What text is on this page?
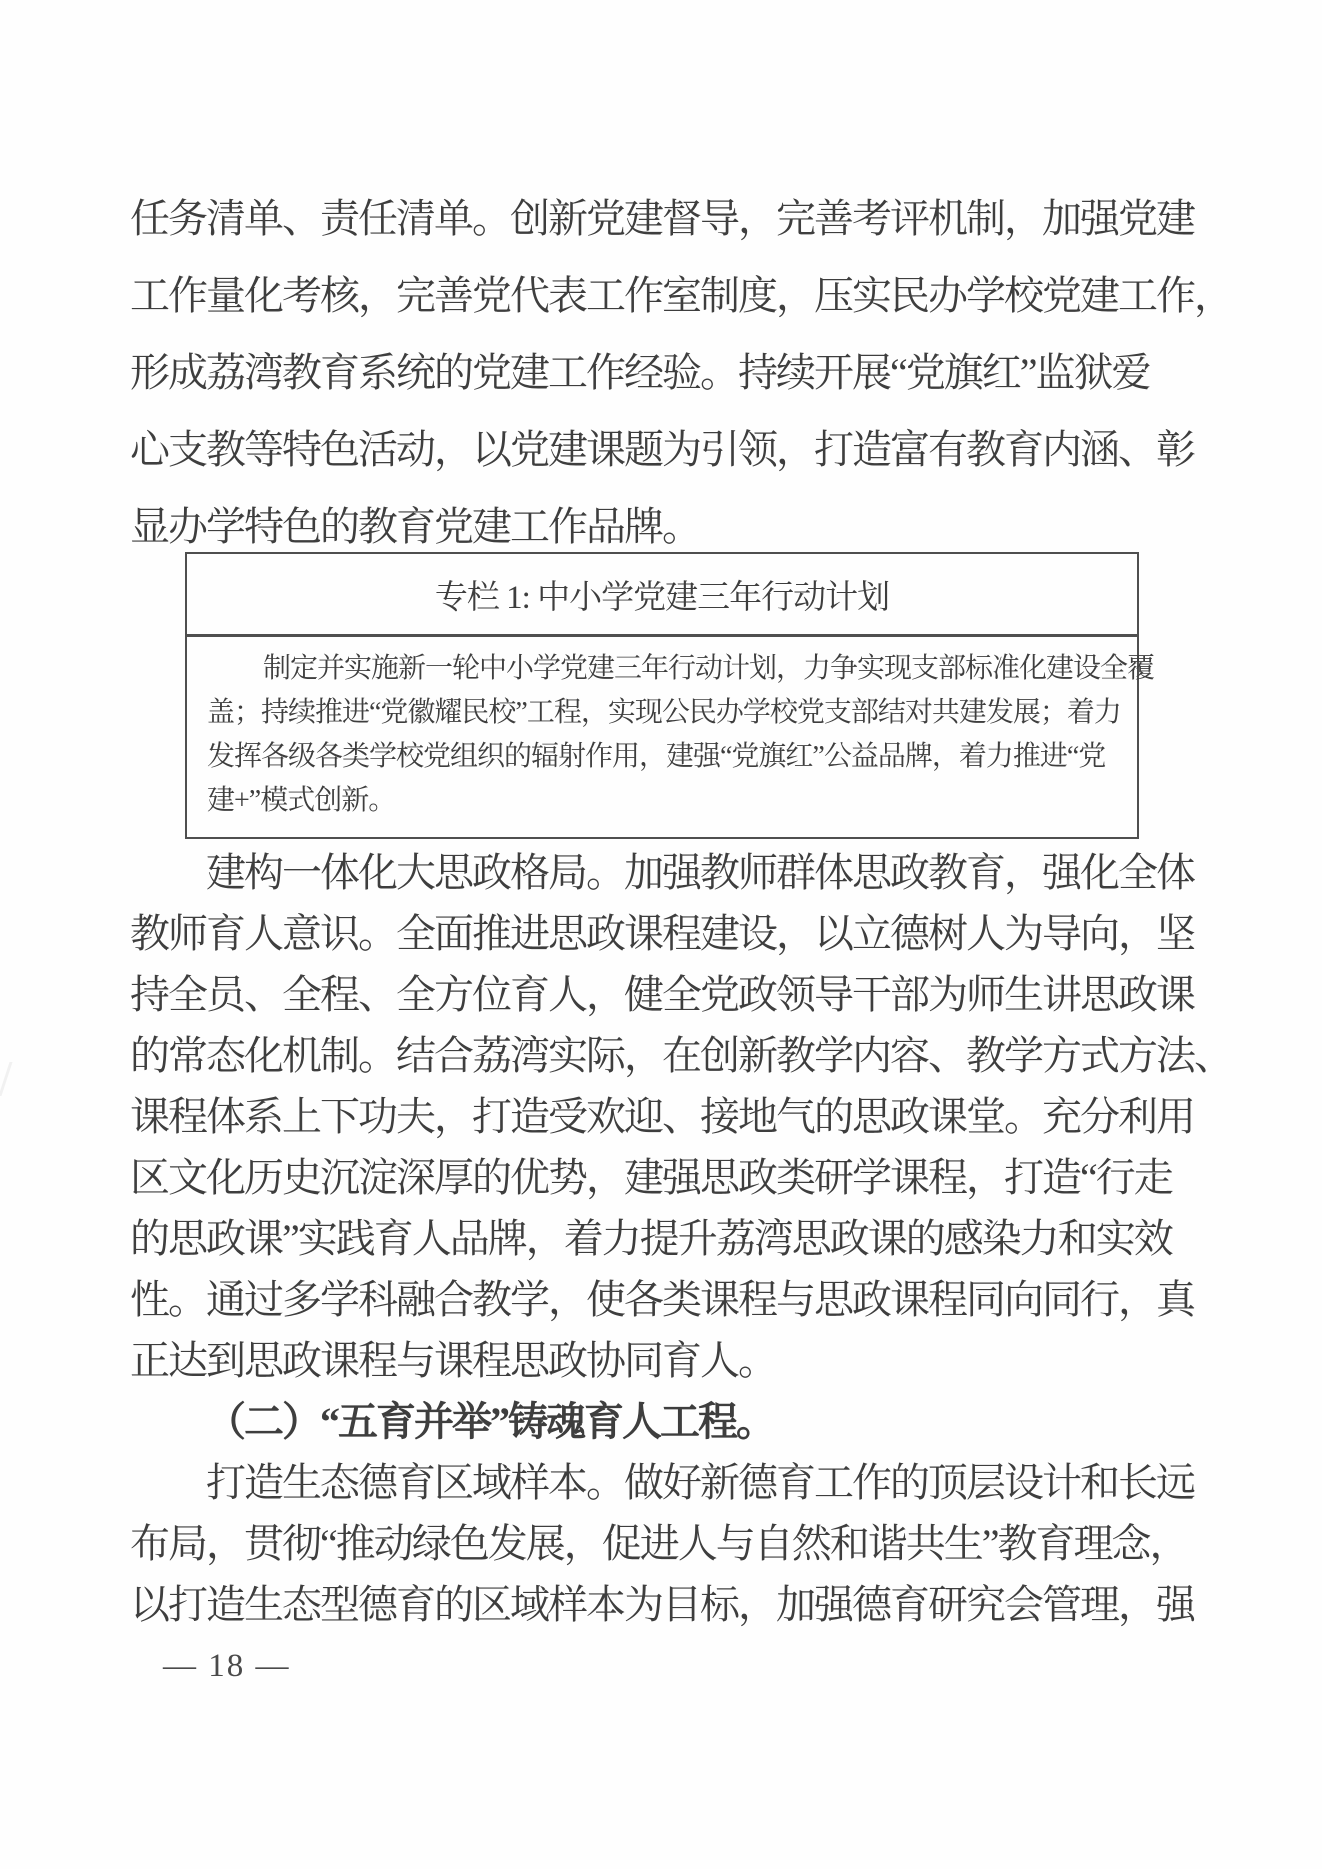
任务清单、责任清单。创新党建督导，完善考评机制，加强党建
工作量化考核，完善党代表工作室制度，压实民办学校党建工作，
形成荔湾教育系统的党建工作经验。持续开展“党旗红”监狱爱
心支教等特色活动，以党建课题为引领，打造富有教育内涵、彰
显办学特色的教育党建工作品牌。
专栏 1: 中小学党建三年行动计划
制定并实施新一轮中小学党建三年行动计划，力争实现支部标准化建设全覆
盖；持续推进“党徽耀民校”工程，实现公民办学校党支部结对共建发展；着力
发挥各级各类学校党组织的辐射作用，建强“党旗红”公益品牌，着力推进“党
建+”模式创新。
建构一体化大思政格局。加强教师群体思政教育，强化全体
教师育人意识。全面推进思政课程建设，以立德树人为导向，坚
持全员、全程、全方位育人，健全党政领导干部为师生讲思政课
的常态化机制。结合荔湾实际，在创新教学内容、教学方式方法、
课程体系上下功夫，打造受欢迎、接地气的思政课堂。充分利用
区文化历史沉淀深厚的优势，建强思政类研学课程，打造“行走
的思政课”实践育人品牌，着力提升荔湾思政课的感染力和实效
性。通过多学科融合教学，使各类课程与思政课程同向同行，真
正达到思政课程与课程思政协同育人。
（二）“五育并举”铸魂育人工程。
打造生态德育区域样本。做好新德育工作的顶层设计和长远
布局，贯彻“推动绿色发展，促进人与自然和谐共生”教育理念，
以打造生态型德育的区域样本为目标，加强德育研究会管理，强
— 18 —
